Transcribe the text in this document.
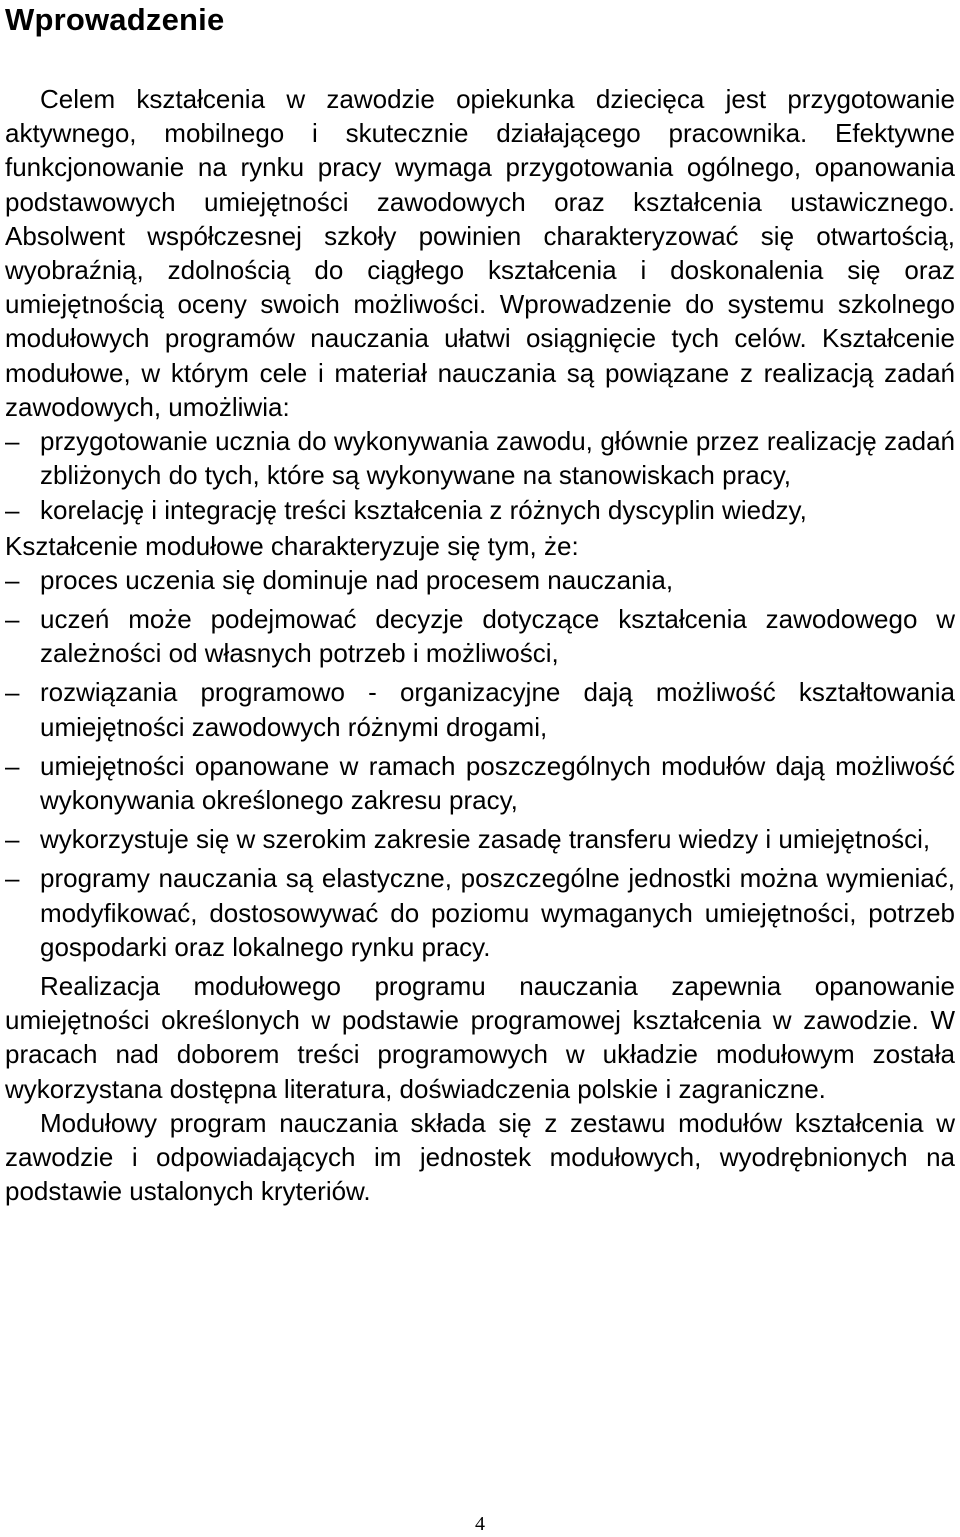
Wprowadzenie

Celem kształcenia w zawodzie opiekunka dziecięca jest przygotowanie aktywnego, mobilnego i skutecznie działającego pracownika. Efektywne funkcjonowanie na rynku pracy wymaga przygotowania ogólnego, opanowania podstawowych umiejętności zawodowych oraz kształcenia ustawicznego. Absolwent współczesnej szkoły powinien charakteryzować się otwartością, wyobraźnią, zdolnością do ciągłego kształcenia i doskonalenia się oraz umiejętnością oceny swoich możliwości. Wprowadzenie do systemu szkolnego modułowych programów nauczania ułatwi osiągnięcie tych celów. Kształcenie modułowe, w którym cele i materiał nauczania są powiązane z realizacją zadań zawodowych, umożliwia:

– przygotowanie ucznia do wykonywania zawodu, głównie przez realizację zadań zbliżonych do tych, które są wykonywane na stanowiskach pracy,
– korelację i integrację treści kształcenia z różnych dyscyplin wiedzy,

Kształcenie modułowe charakteryzuje się tym, że:

– proces uczenia się dominuje nad procesem nauczania,
– uczeń może podejmować decyzje dotyczące kształcenia zawodowego w zależności od własnych potrzeb i możliwości,
– rozwiązania programowo - organizacyjne dają możliwość kształtowania umiejętności zawodowych różnymi drogami,
– umiejętności opanowane w ramach poszczególnych modułów dają możliwość wykonywania określonego zakresu pracy,
– wykorzystuje się w szerokim zakresie zasadę transferu wiedzy i umiejętności,
– programy nauczania są elastyczne, poszczególne jednostki można wymieniać, modyfikować, dostosowywać do poziomu wymaganych umiejętności, potrzeb gospodarki oraz lokalnego rynku pracy.

Realizacja modułowego programu nauczania zapewnia opanowanie umiejętności określonych w podstawie programowej kształcenia w zawodzie. W pracach nad doborem treści programowych w układzie modułowym została wykorzystana dostępna literatura, doświadczenia polskie i zagraniczne.

Modułowy program nauczania składa się z zestawu modułów kształcenia w zawodzie i odpowiadających im jednostek modułowych, wyodrębnionych na podstawie ustalonych kryteriów.

4
